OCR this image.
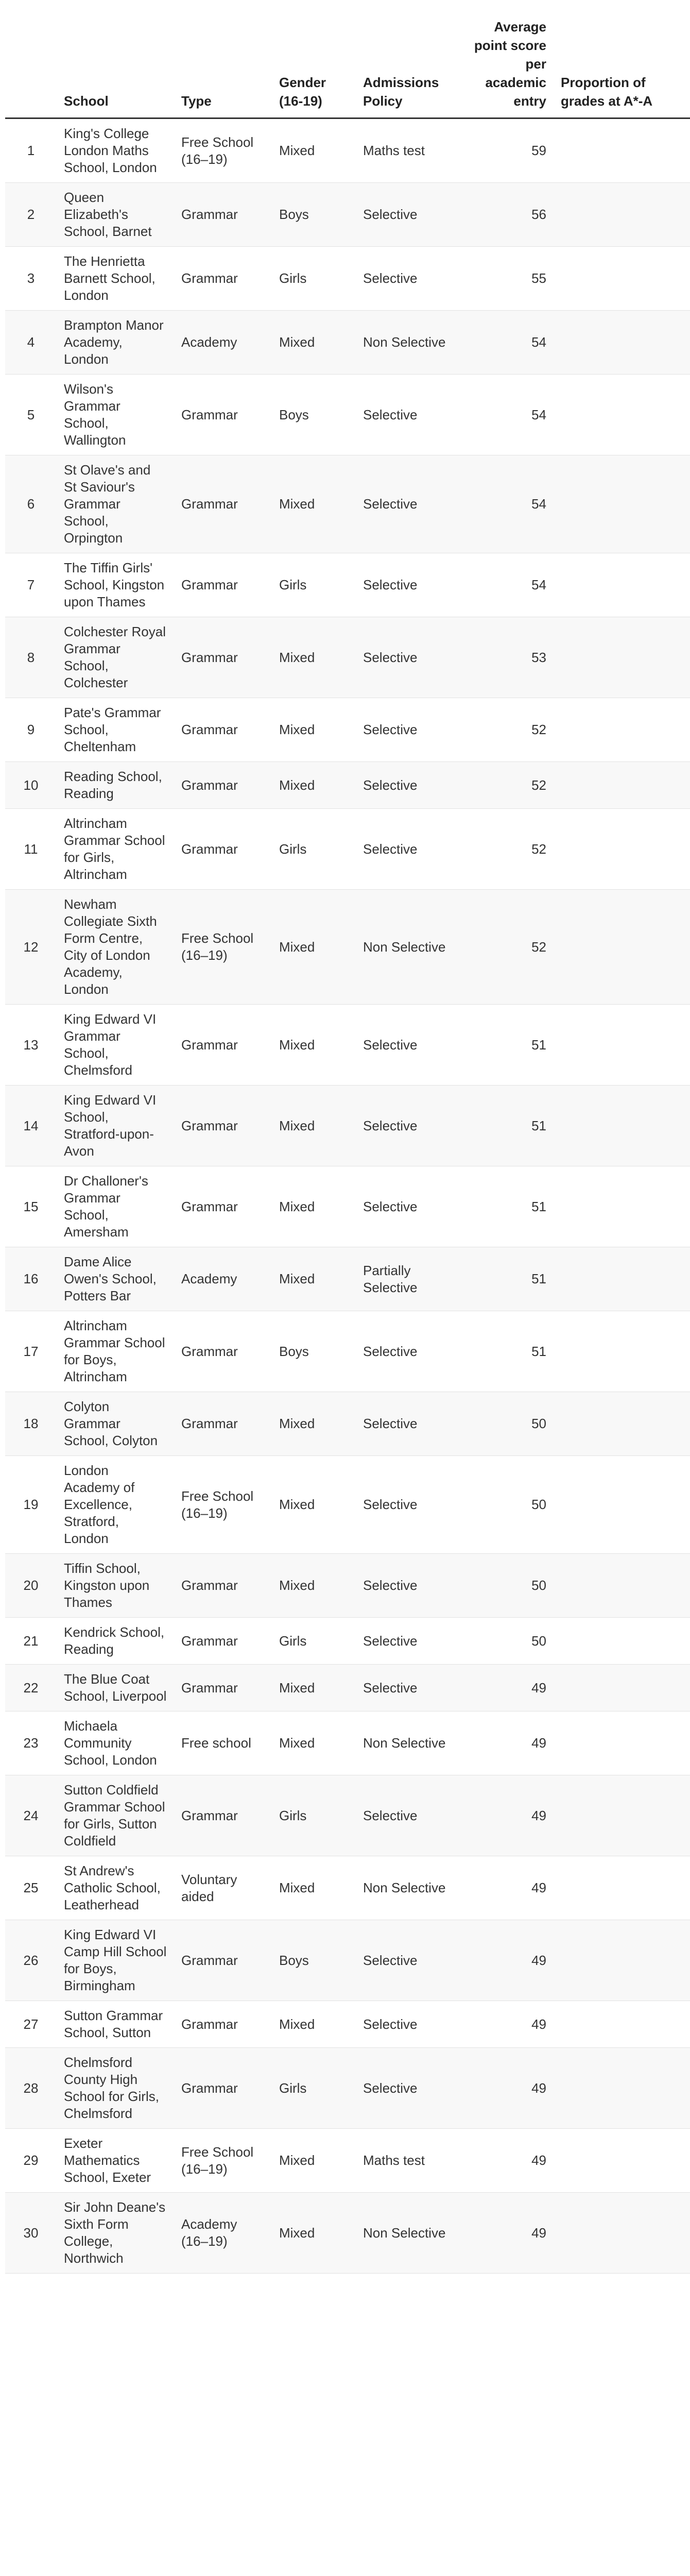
	School	Type	Gender (16-19)	Admissions Policy	Average point score per academic entry	Proportion of grades at A*-A
1	King's College London Maths School, London	Free School (16–19)	Mixed	Maths test	59	
2	Queen Elizabeth's School, Barnet	Grammar	Boys	Selective	56	
3	The Henrietta Barnett School, London	Grammar	Girls	Selective	55	
4	Brampton Manor Academy, London	Academy	Mixed	Non Selective	54	
5	Wilson's Grammar School, Wallington	Grammar	Boys	Selective	54	
6	St Olave's and St Saviour's Grammar School, Orpington	Grammar	Mixed	Selective	54	
7	The Tiffin Girls' School, Kingston upon Thames	Grammar	Girls	Selective	54	
8	Colchester Royal Grammar School, Colchester	Grammar	Mixed	Selective	53	
9	Pate's Grammar School, Cheltenham	Grammar	Mixed	Selective	52	
10	Reading School, Reading	Grammar	Mixed	Selective	52	
11	Altrincham Grammar School for Girls, Altrincham	Grammar	Girls	Selective	52	
12	Newham Collegiate Sixth Form Centre, City of London Academy, London	Free School (16–19)	Mixed	Non Selective	52	
13	King Edward VI Grammar School, Chelmsford	Grammar	Mixed	Selective	51	
14	King Edward VI School, Stratford-upon-Avon	Grammar	Mixed	Selective	51	
15	Dr Challoner's Grammar School, Amersham	Grammar	Mixed	Selective	51	
16	Dame Alice Owen's School, Potters Bar	Academy	Mixed	Partially Selective	51	
17	Altrincham Grammar School for Boys, Altrincham	Grammar	Boys	Selective	51	
18	Colyton Grammar School, Colyton	Grammar	Mixed	Selective	50	
19	London Academy of Excellence, Stratford, London	Free School (16–19)	Mixed	Selective	50	
20	Tiffin School, Kingston upon Thames	Grammar	Mixed	Selective	50	
21	Kendrick School, Reading	Grammar	Girls	Selective	50	
22	The Blue Coat School, Liverpool	Grammar	Mixed	Selective	49	
23	Michaela Community School, London	Free school	Mixed	Non Selective	49	
24	Sutton Coldfield Grammar School for Girls, Sutton Coldfield	Grammar	Girls	Selective	49	
25	St Andrew's Catholic School, Leatherhead	Voluntary aided	Mixed	Non Selective	49	
26	King Edward VI Camp Hill School for Boys, Birmingham	Grammar	Boys	Selective	49	
27	Sutton Grammar School, Sutton	Grammar	Mixed	Selective	49	
28	Chelmsford County High School for Girls, Chelmsford	Grammar	Girls	Selective	49	
29	Exeter Mathematics School, Exeter	Free School (16–19)	Mixed	Maths test	49	
30	Sir John Deane's Sixth Form College, Northwich	Academy (16–19)	Mixed	Non Selective	49	
